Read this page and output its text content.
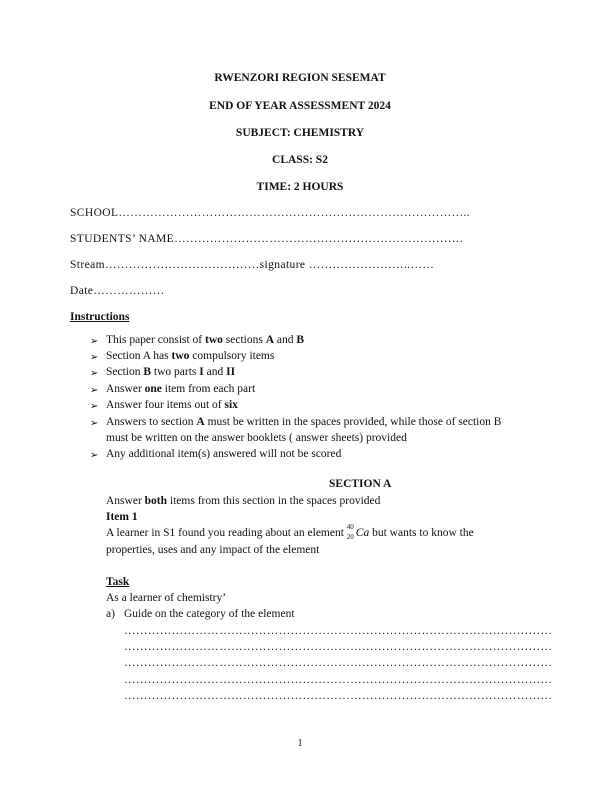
RWENZORI REGION SESEMAT
END OF YEAR ASSESSMENT 2024
SUBJECT: CHEMISTRY
CLASS: S2
TIME: 2 HOURS
SCHOOL……………………………………………………………………………..
STUDENTS’ NAME……………………………………………………………….
Stream…………………………………signature ……………………..……
Date………………
Instructions
➢ This paper consist of two sections A and B
➢ Section A has two compulsory items
➢ Section B two parts I and II
➢ Answer one item from each part
➢ Answer four items out of six
➢ Answers to section A must be written in the spaces provided, while those of section B
must be written on the answer booklets ( answer sheets) provided
➢ Any additional item(s) answered will not be scored
SECTION A
Answer both items from this section in the spaces provided
Item 1
A learner in S1 found you reading about an element 40
20 Ca but wants to know the
properties, uses and any impact of the element
Task
As a learner of chemistry’
a) Guide on the category of the element
………………………………………………………………………………………………
………………………………………………………………………………………………
………………………………………………………………………………………………
………………………………………………………………………………………………
………………………………………………………………………………………………
1
